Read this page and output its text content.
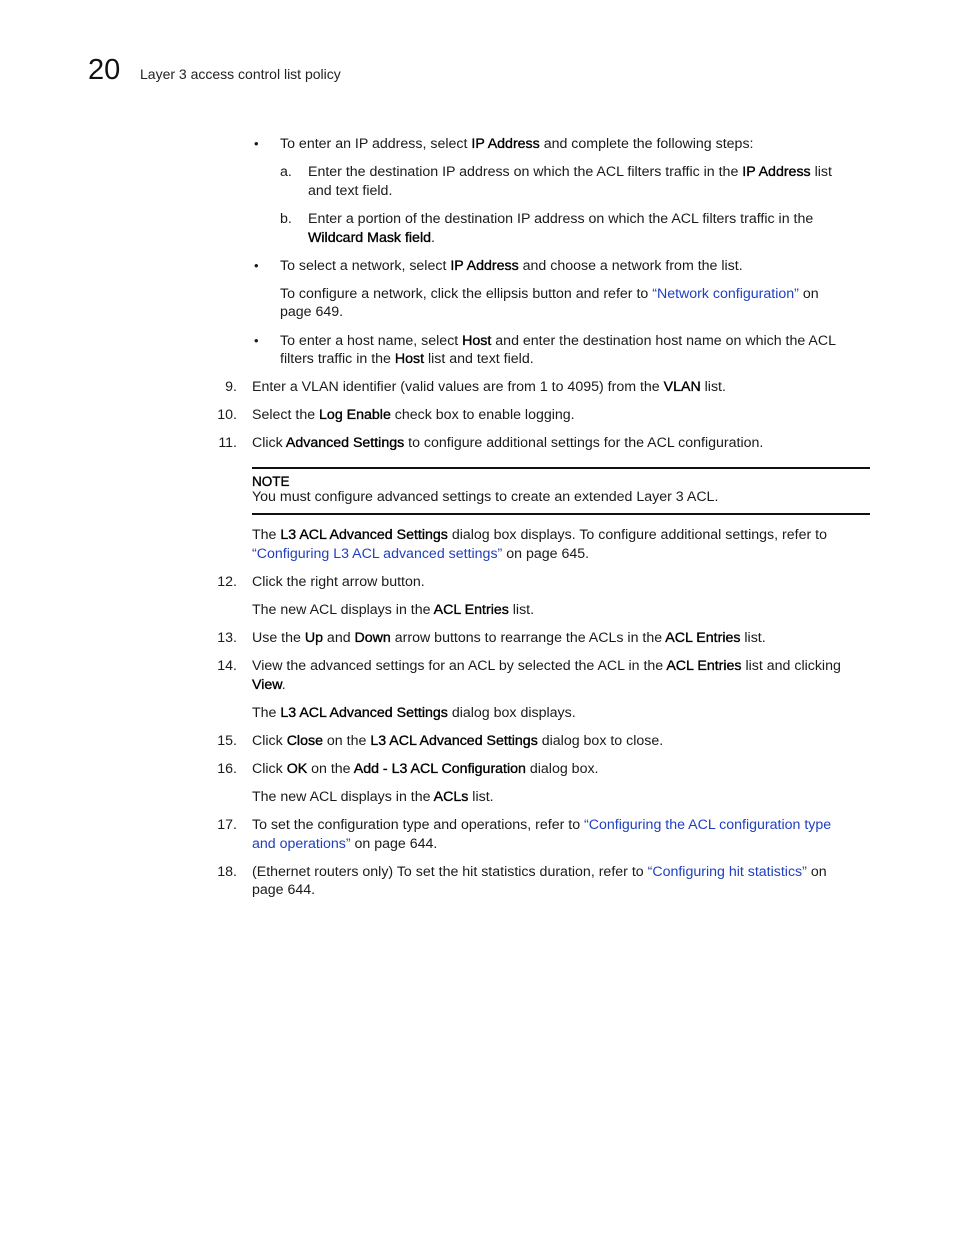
20 Layer 3 access control list policy
• To enter an IP address, select IP Address and complete the following steps:
a. Enter the destination IP address on which the ACL filters traffic in the IP Address list
and text field.
b. Enter a portion of the destination IP address on which the ACL filters traffic in the
Wildcard Mask field.
• To select a network, select IP Address and choose a network from the list.
To configure a network, click the ellipsis button and refer to “Network configuration” on
page 649.
• To enter a host name, select Host and enter the destination host name on which the ACL
filters traffic in the Host list and text field.
9. Enter a VLAN identifier (valid values are from 1 to 4095) from the VLAN list.
10. Select the Log Enable check box to enable logging.
11. Click Advanced Settings to configure additional settings for the ACL configuration.
NOTE
You must configure advanced settings to create an extended Layer 3 ACL.
The L3 ACL Advanced Settings dialog box displays. To configure additional settings, refer to
“Configuring L3 ACL advanced settings” on page 645.
12. Click the right arrow button.
The new ACL displays in the ACL Entries list.
13. Use the Up and Down arrow buttons to rearrange the ACLs in the ACL Entries list.
14. View the advanced settings for an ACL by selected the ACL in the ACL Entries list and clicking
View.
The L3 ACL Advanced Settings dialog box displays.
15. Click Close on the L3 ACL Advanced Settings dialog box to close.
16. Click OK on the Add - L3 ACL Configuration dialog box.
The new ACL displays in the ACLs list.
17. To set the configuration type and operations, refer to “Configuring the ACL configuration type
and operations” on page 644.
18. (Ethernet routers only) To set the hit statistics duration, refer to “Configuring hit statistics” on
page 644.
